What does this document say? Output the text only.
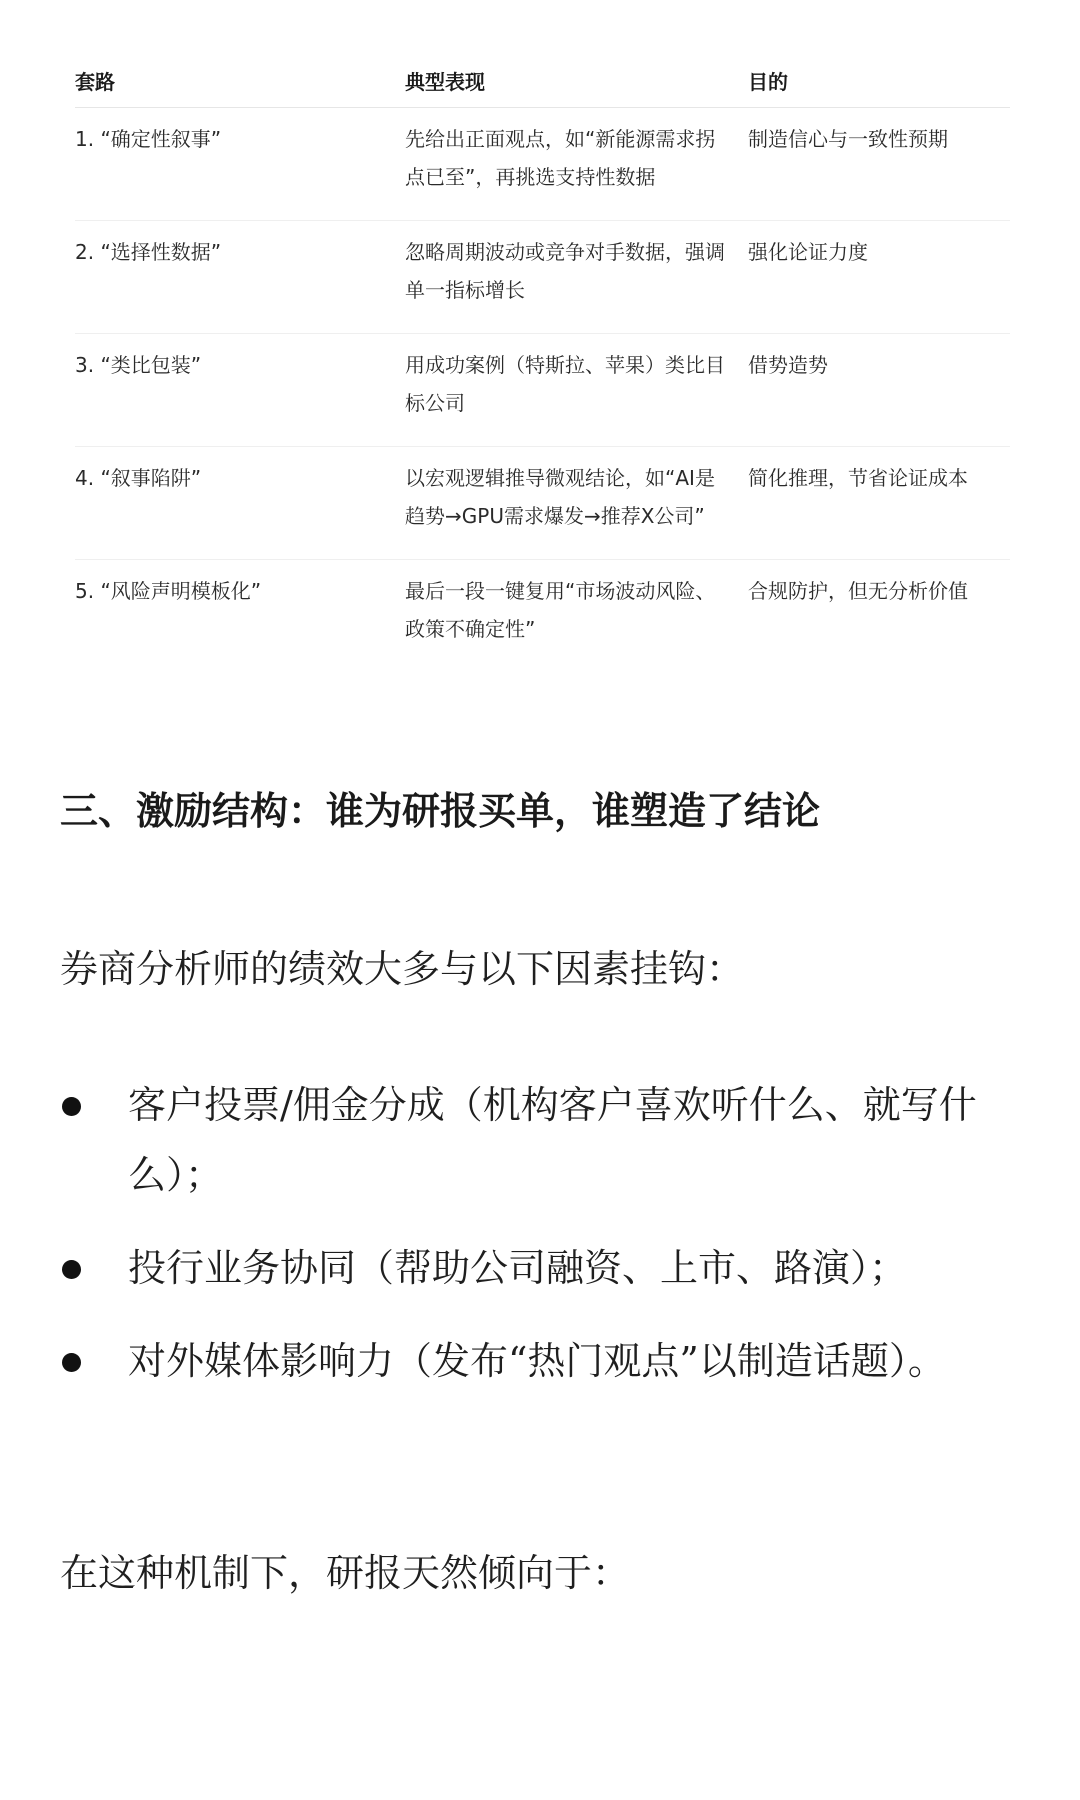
套路	典型表现	目的
1. “确定性叙事”	先给出正面观点，如“新能源需求拐点已至”，再挑选支持性数据	制造信心与一致性预期
2. “选择性数据”	忽略周期波动或竞争对手数据，强调单一指标增长	强化论证力度
3. “类比包装”	用成功案例（特斯拉、苹果）类比目标公司	借势造势
4. “叙事陷阱”	以宏观逻辑推导微观结论，如“AI是趋势→GPU需求爆发→推荐X公司”	简化推理，节省论证成本
5. “风险声明模板化”	最后一段一键复用“市场波动风险、政策不确定性”	合规防护，但无分析价值
三、激励结构：谁为研报买单，谁塑造了结论

券商分析师的绩效大多与以下因素挂钩：

客户投票/佣金分成（机构客户喜欢听什么、就写什么）；
投行业务协同（帮助公司融资、上市、路演）；
对外媒体影响力（发布“热门观点”以制造话题）。

在这种机制下，研报天然倾向于：
